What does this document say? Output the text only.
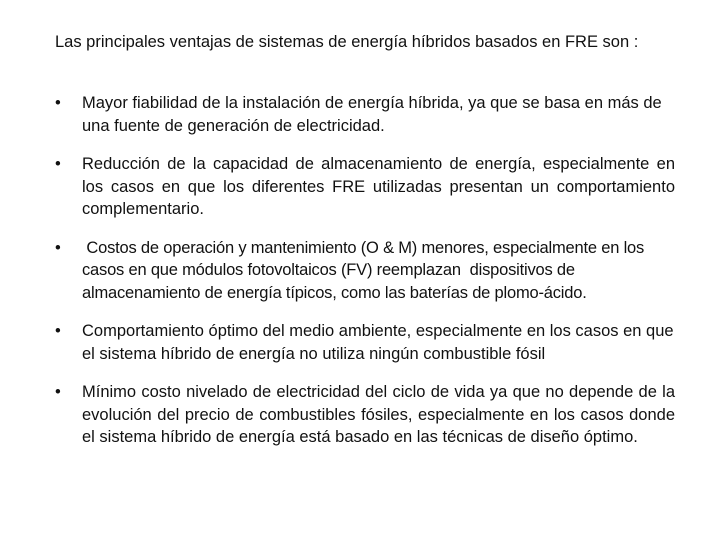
Las principales ventajas de sistemas de energía híbridos basados en FRE son :

• Mayor fiabilidad de la instalación de energía híbrida, ya que se basa en más de una fuente de generación de electricidad.
• Reducción de la capacidad de almacenamiento de energía, especialmente en los casos en que los diferentes FRE utilizadas presentan un comportamiento complementario.
• Costos de operación y mantenimiento (O & M) menores, especialmente en los casos en que módulos fotovoltaicos (FV) reemplazan  dispositivos de almacenamiento de energía típicos, como las baterías de plomo-ácido.
• Comportamiento óptimo del medio ambiente, especialmente en los casos en que el sistema híbrido de energía no utiliza ningún combustible fósil
• Mínimo costo nivelado de electricidad del ciclo de vida ya que no depende de la evolución del precio de combustibles fósiles, especialmente en los casos donde el sistema híbrido de energía está basado en las técnicas de diseño óptimo.
